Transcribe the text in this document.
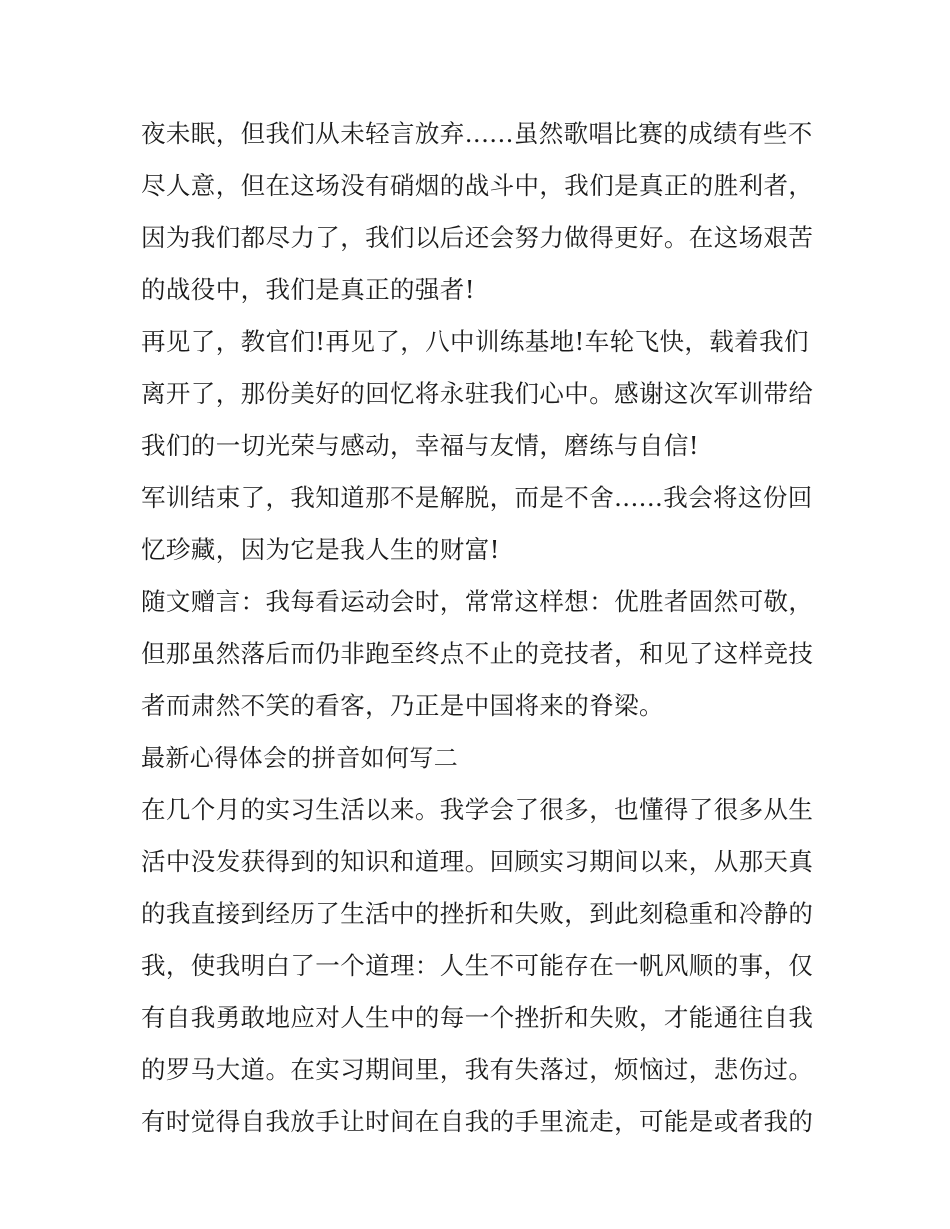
夜未眠，但我们从未轻言放弃......虽然歌唱比赛的成绩有些不
尽人意，但在这场没有硝烟的战斗中，我们是真正的胜利者，
因为我们都尽力了，我们以后还会努力做得更好。在这场艰苦
的战役中，我们是真正的强者!
再见了，教官们!再见了，八中训练基地!车轮飞快，载着我们
离开了，那份美好的回忆将永驻我们心中。感谢这次军训带给
我们的一切光荣与感动，幸福与友情，磨练与自信!
军训结束了，我知道那不是解脱，而是不舍......我会将这份回
忆珍藏，因为它是我人生的财富!
随文赠言：我每看运动会时，常常这样想：优胜者固然可敬，
但那虽然落后而仍非跑至终点不止的竞技者，和见了这样竞技
者而肃然不笑的看客，乃正是中国将来的脊梁。
最新心得体会的拼音如何写二
在几个月的实习生活以来。我学会了很多，也懂得了很多从生
活中没发获得到的知识和道理。回顾实习期间以来，从那天真
的我直接到经历了生活中的挫折和失败，到此刻稳重和冷静的
我，使我明白了一个道理：人生不可能存在一帆风顺的事，仅
有自我勇敢地应对人生中的每一个挫折和失败，才能通往自我
的罗马大道。在实习期间里，我有失落过，烦恼过，悲伤过。
有时觉得自我放手让时间在自我的手里流走，可能是或者我的
